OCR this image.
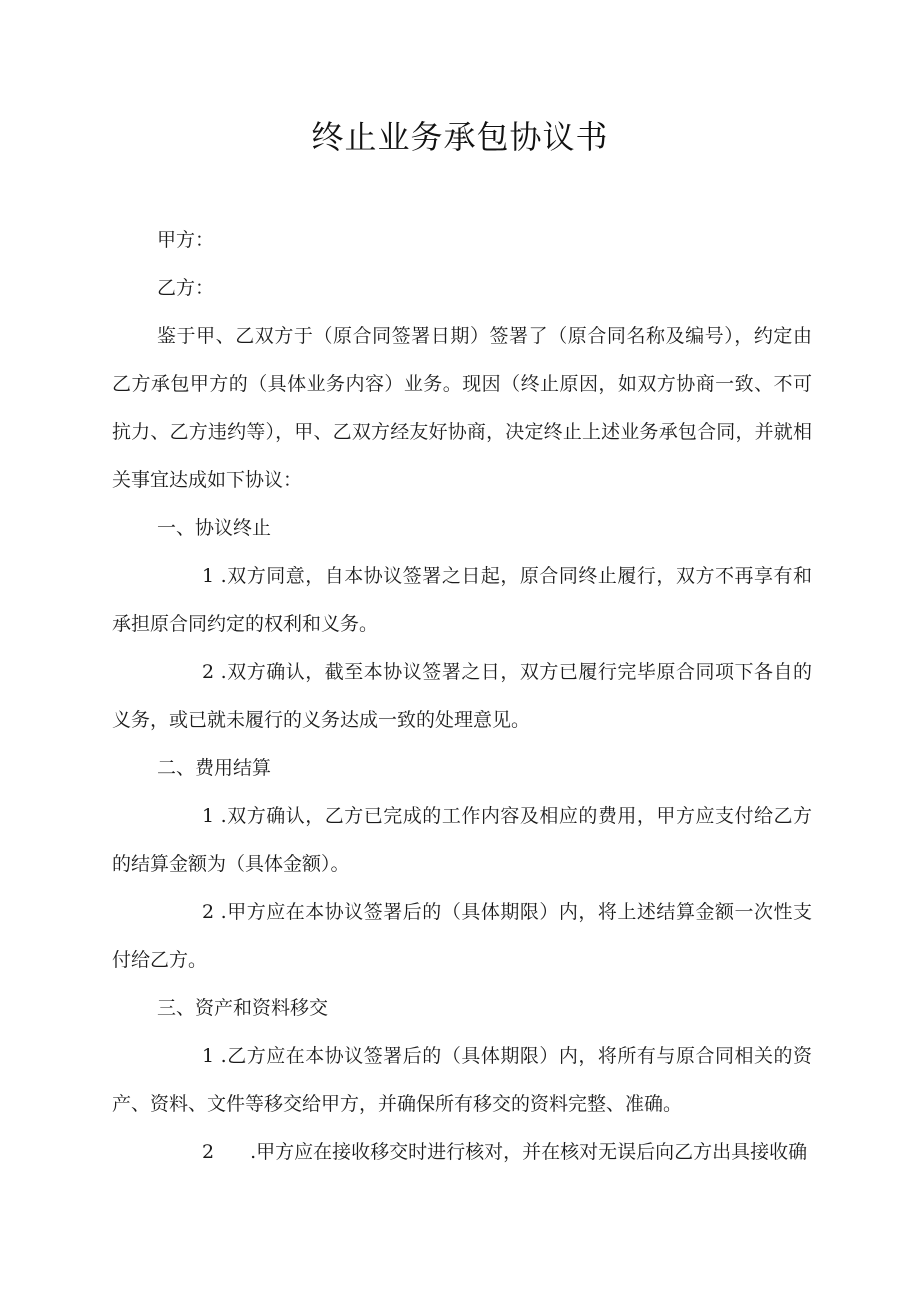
终止业务承包协议书

甲方：

乙方：

鉴于甲、乙双方于（原合同签署日期）签署了（原合同名称及编号），约定由乙方承包甲方的（具体业务内容）业务。现因（终止原因，如双方协商一致、不可抗力、乙方违约等），甲、乙双方经友好协商，决定终止上述业务承包合同，并就相关事宜达成如下协议：

一、协议终止

1 .双方同意，自本协议签署之日起，原合同终止履行，双方不再享有和承担原合同约定的权利和义务。

2 .双方确认，截至本协议签署之日，双方已履行完毕原合同项下各自的义务，或已就未履行的义务达成一致的处理意见。

二、费用结算

1 .双方确认，乙方已完成的工作内容及相应的费用，甲方应支付给乙方的结算金额为（具体金额）。

2 .甲方应在本协议签署后的（具体期限）内，将上述结算金额一次性支付给乙方。

三、资产和资料移交

1 .乙方应在本协议签署后的（具体期限）内，将所有与原合同相关的资产、资料、文件等移交给甲方，并确保所有移交的资料完整、准确。

2 .甲方应在接收移交时进行核对，并在核对无误后向乙方出具接收确
